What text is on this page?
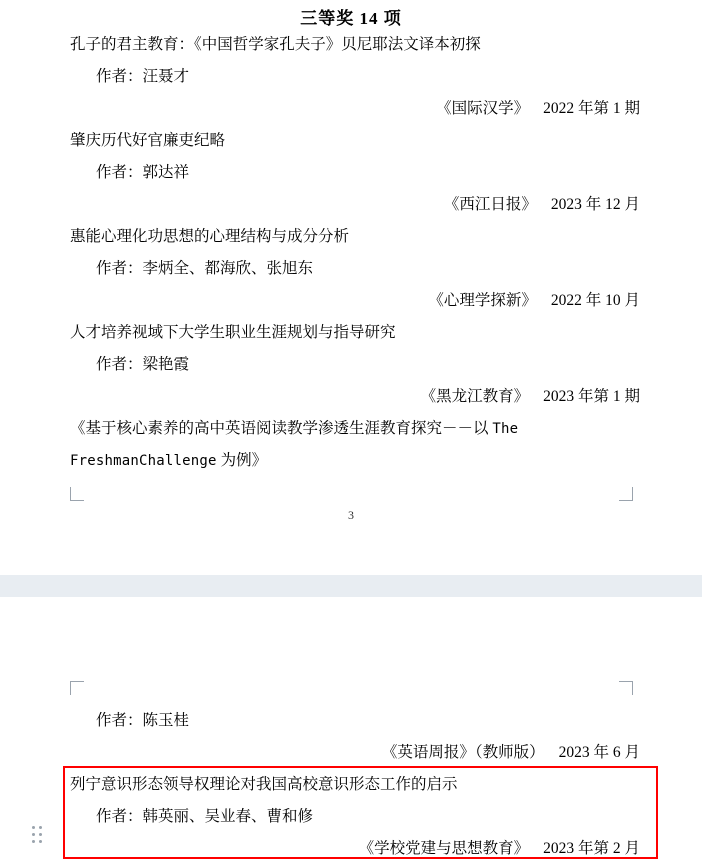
三等奖 14 项
孔子的君主教育：《中国哲学家孔夫子》贝尼耶法文译本初探
作者：汪聂才
《国际汉学》 2022 年第 1 期
肇庆历代好官廉吏纪略
作者：郭达祥
《西江日报》 2023 年 12 月
惠能心理化功思想的心理结构与成分分析
作者：李炳全、都海欣、张旭东
《心理学探新》 2022 年 10 月
人才培养视域下大学生职业生涯规划与指导研究
作者：梁艳霞
《黑龙江教育》 2023 年第 1 期
《基于核心素养的高中英语阅读教学渗透生涯教育探究－－以 The FreshmanChallenge 为例》
3
作者：陈玉桂
《英语周报》（教师版） 2023 年 6 月
列宁意识形态领导权理论对我国高校意识形态工作的启示
作者：韩英丽、吴业春、曹和修
《学校党建与思想教育》 2023 年第 2 月
